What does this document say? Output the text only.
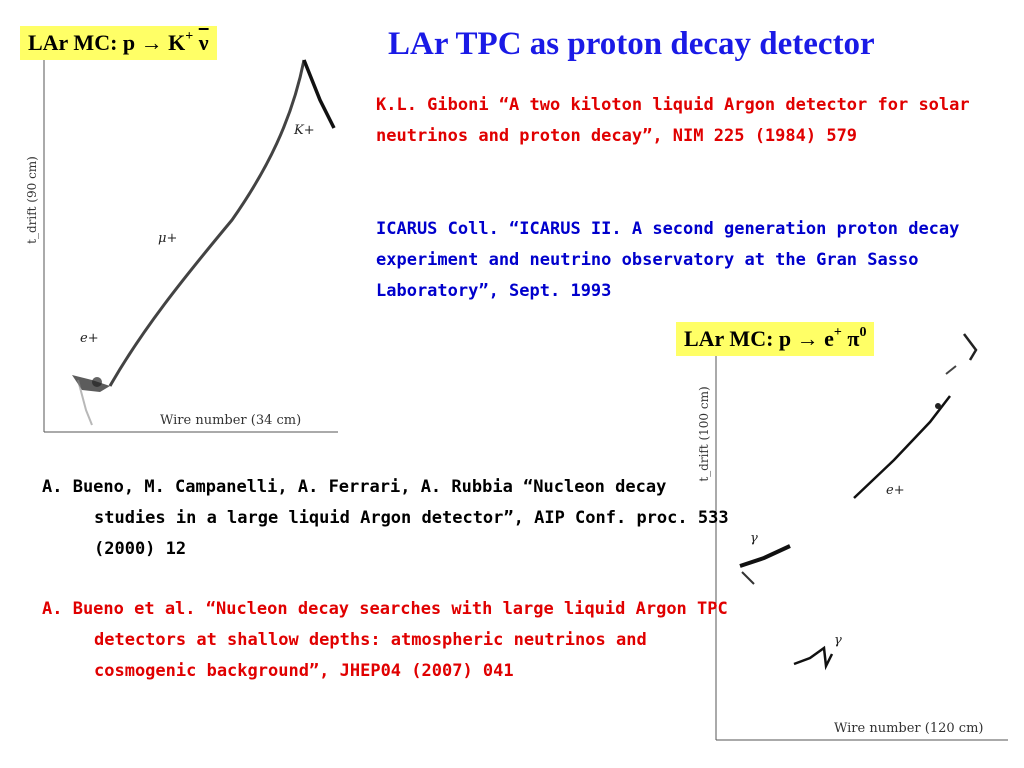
LAr TPC as proton decay detector
K+
μ+
e+
t_drift (90 cm)
Wire number (34 cm)
LAr MC: p → K+ $\overline{\nu}$
e+
γ
γ
t_drift (100 cm)
Wire number (120 cm)
LAr MC: p → e+ $\pi^0$
K.L. Giboni “A two kiloton liquid Argon detector for solar neutrinos and proton decay”, NIM 225 (1984) 579
ICARUS Coll. “ICARUS II. A second generation proton decay experiment and neutrino observatory at the Gran Sasso Laboratory”, Sept. 1993
A. Bueno, M. Campanelli, A. Ferrari, A. Rubbia “Nucleon decay studies in a large liquid Argon detector”, AIP Conf. proc. 533 (2000) 12
A. Bueno et al. “Nucleon decay searches with large liquid Argon TPC detectors at shallow depths: atmospheric neutrinos and cosmogenic background”, JHEP04 (2007) 041
